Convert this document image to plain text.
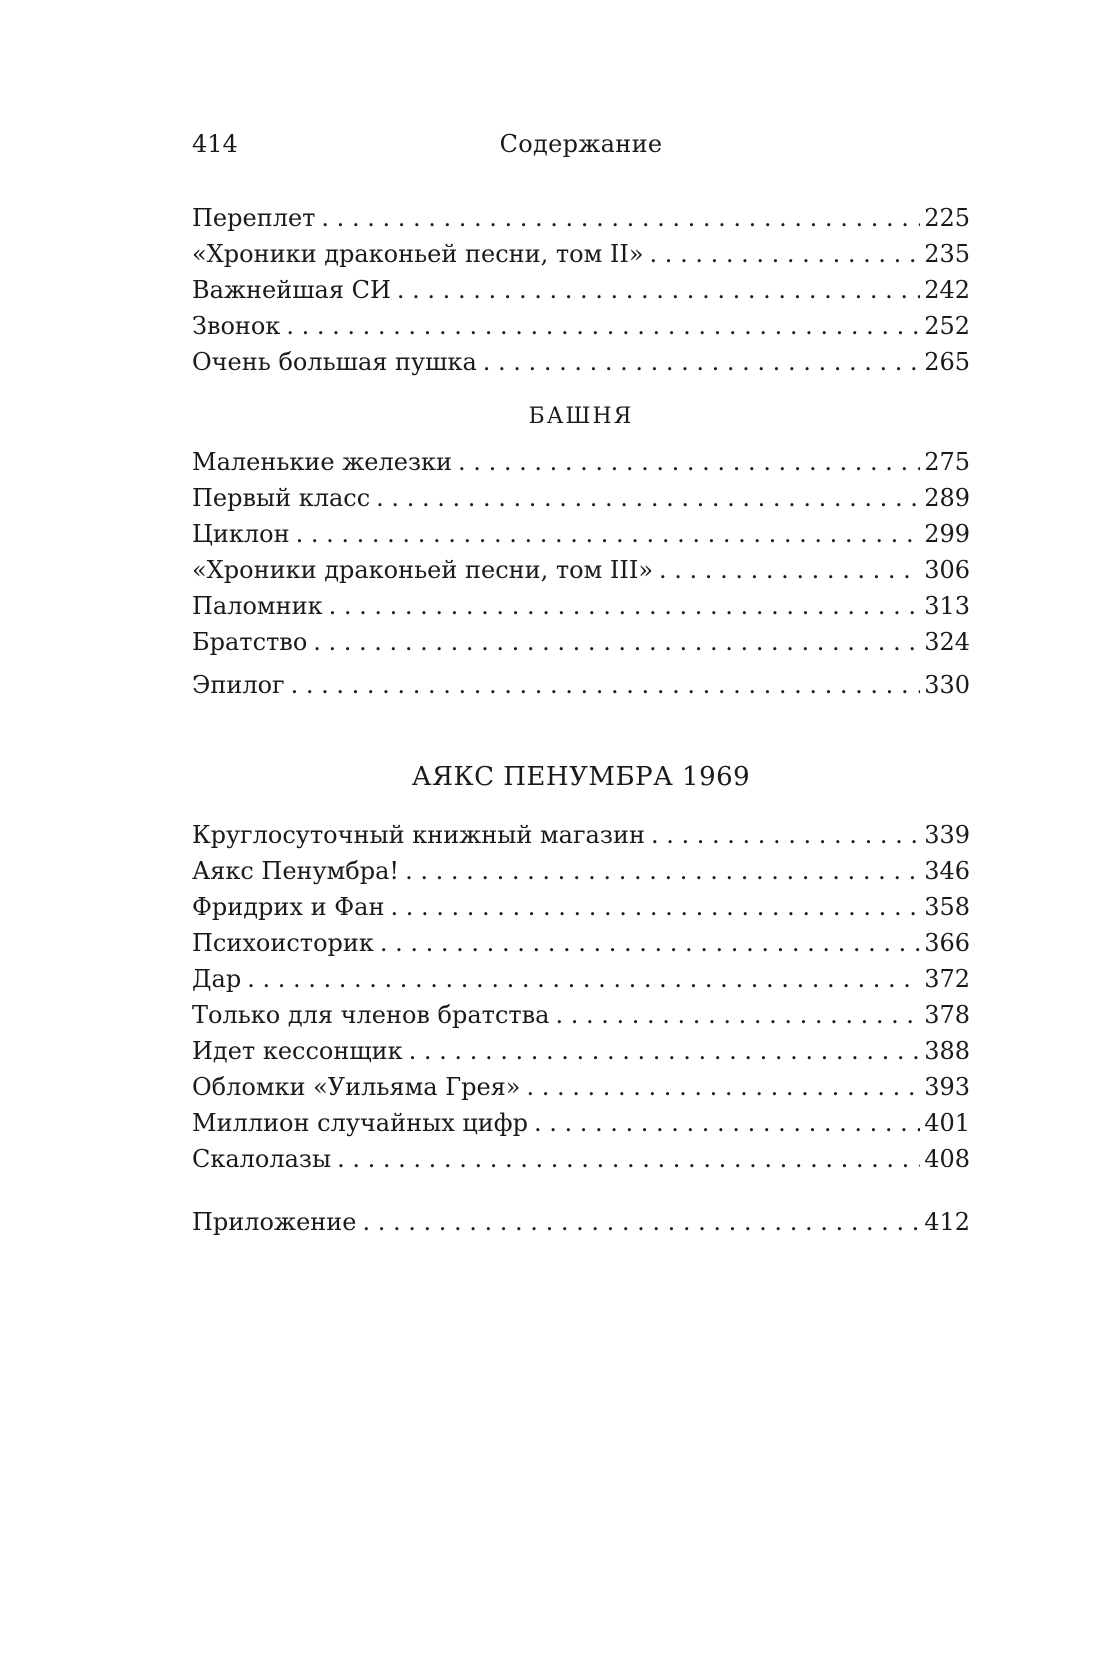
414	Содержание
Переплет . . .	225
«Хроники драконьей песни, том II» . . .	235
Важнейшая СИ . . .	242
Звонок . . .	252
Очень большая пушка . . .	265
БАШНЯ
Маленькие железки . . .	275
Первый класс . . .	289
Циклон . . .	299
«Хроники драконьей песни, том III» . . .	306
Паломник . . .	313
Братство . . .	324
Эпилог . . .	330
АЯКС ПЕНУМБРА 1969
Круглосуточный книжный магазин . . .	339
Аякс Пенумбра! . . .	346
Фридрих и Фан . . .	358
Психоисторик . . .	366
Дар . . .	372
Только для членов братства . . .	378
Идет кессонщик . . .	388
Обломки «Уильяма Грея» . . .	393
Миллион случайных цифр . . .	401
Скалолазы . . .	408
Приложение . . .	412
